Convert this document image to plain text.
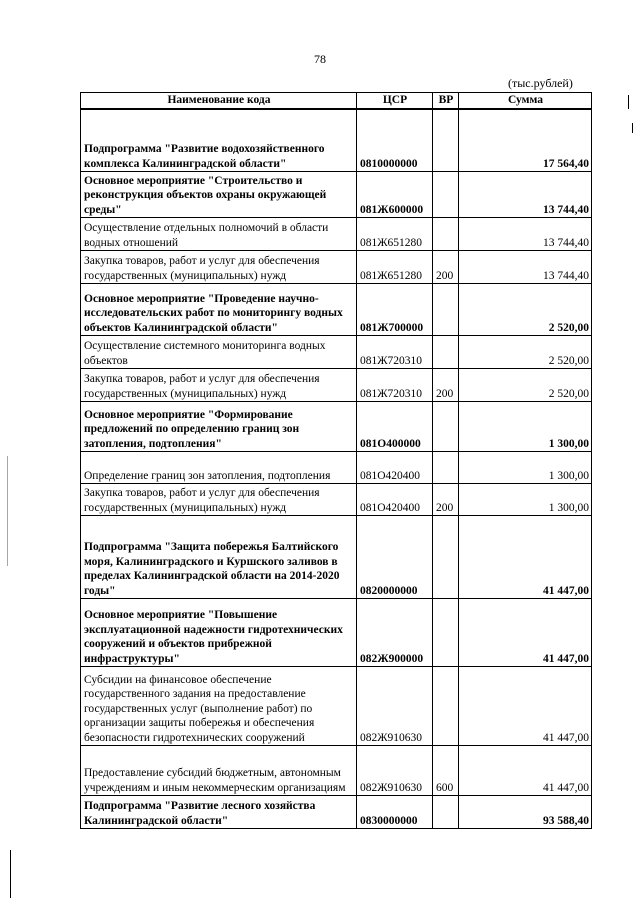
78
(тыс.рублей)
Наименование кода	ЦСР	ВР	Сумма
Подпрограмма "Развитие водохозяйственного комплекса Калининградской области"	0810000000		17 564,40
Основное мероприятие "Строительство и реконструкция объектов охраны окружающей среды"	081Ж600000		13 744,40
Осуществление отдельных полномочий в области водных отношений	081Ж651280		13 744,40
Закупка товаров, работ и услуг для обеспечения государственных (муниципальных) нужд	081Ж651280	200	13 744,40
Основное мероприятие "Проведение научно-исследовательских работ по мониторингу водных объектов Калининградской области"	081Ж700000		2 520,00
Осуществление системного мониторинга водных объектов	081Ж720310		2 520,00
Закупка товаров, работ и услуг для обеспечения государственных (муниципальных) нужд	081Ж720310	200	2 520,00
Основное мероприятие "Формирование предложений по определению границ зон затопления, подтопления"	081О400000		1 300,00
Определение границ зон затопления, подтопления	081О420400		1 300,00
Закупка товаров, работ и услуг для обеспечения государственных (муниципальных) нужд	081О420400	200	1 300,00
Подпрограмма "Защита побережья Балтийского моря, Калининградского и Куршского заливов в пределах Калининградской области на 2014-2020 годы"	0820000000		41 447,00
Основное мероприятие "Повышение эксплуатационной надежности гидротехнических сооружений и объектов прибрежной инфраструктуры"	082Ж900000		41 447,00
Субсидии на финансовое обеспечение государственного задания на предоставление государственных услуг (выполнение работ) по организации защиты побережья и обеспечения безопасности гидротехнических сооружений	082Ж910630		41 447,00
Предоставление субсидий бюджетным, автономным учреждениям и иным некоммерческим организациям	082Ж910630	600	41 447,00
Подпрограмма "Развитие лесного хозяйства Калининградской области"	0830000000		93 588,40
